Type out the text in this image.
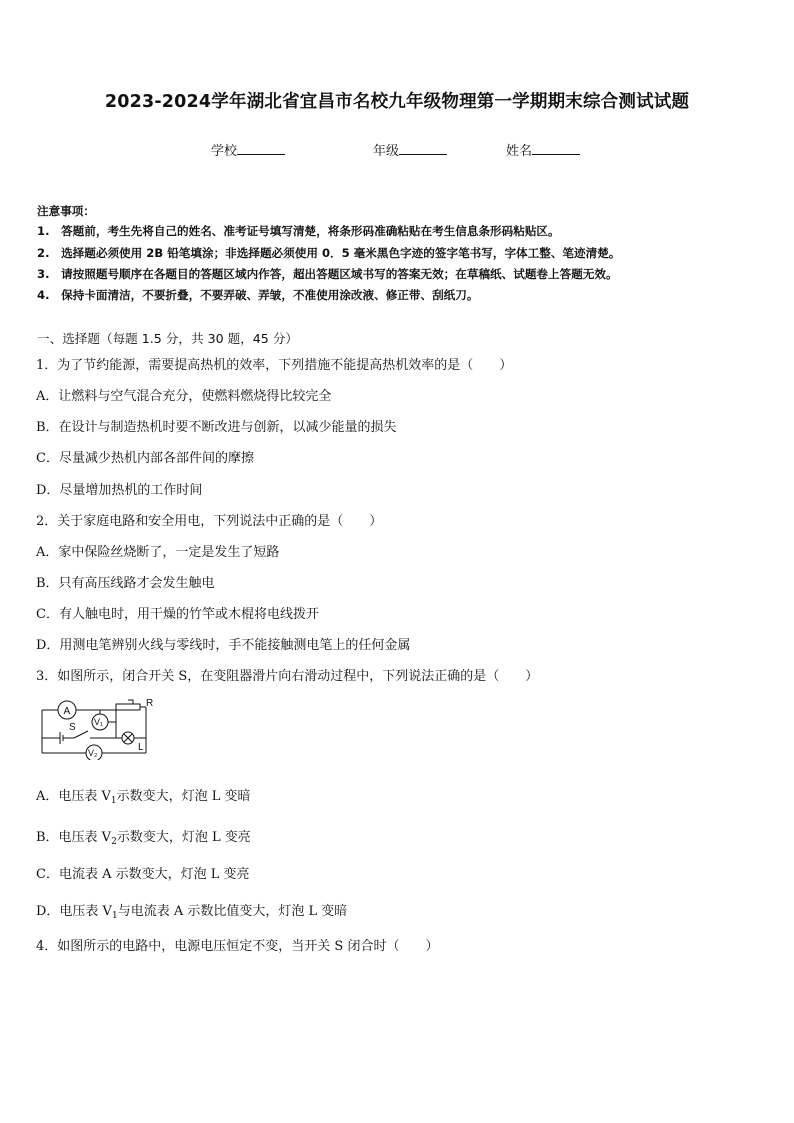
2023-2024学年湖北省宜昌市名校九年级物理第一学期期末综合测试试题
学校	年级	姓名
注意事项：
1.　答题前，考生先将自己的姓名、准考证号填写清楚，将条形码准确粘贴在考生信息条形码粘贴区。
2.　选择题必须使用 2B 铅笔填涂；非选择题必须使用 0．5 毫米黑色字迹的签字笔书写，字体工整、笔迹清楚。
3.　请按照题号顺序在各题目的答题区域内作答，超出答题区域书写的答案无效；在草稿纸、试题卷上答题无效。
4.　保持卡面清洁，不要折叠，不要弄破、弄皱，不准使用涂改液、修正带、刮纸刀。
一、选择题（每题 1.5 分，共 30 题，45 分）
1．为了节约能源，需要提高热机的效率，下列措施不能提高热机效率的是（　　）
A．让燃料与空气混合充分，使燃料燃烧得比较完全
B．在设计与制造热机时要不断改进与创新，以减少能量的损失
C．尽量减少热机内部各部件间的摩擦
D．尽量增加热机的工作时间
2．关于家庭电路和安全用电，下列说法中正确的是（　　）
A．家中保险丝烧断了，一定是发生了短路
B．只有高压线路才会发生触电
C．有人触电时，用干燥的竹竿或木棍将电线拨开
D．用测电笔辨别火线与零线时，手不能接触测电笔上的任何金属
3．如图所示，闭合开关 S，在变阻器滑片向右滑动过程中，下列说法正确的是（　　）
A
R
V₁
S
L
V₂
A．电压表 $V_1$示数变大，灯泡 L 变暗
B．电压表 $V_2$示数变大，灯泡 L 变亮
C．电流表 A 示数变大，灯泡 L 变亮
D．电压表 $V_1$与电流表 A 示数比值变大，灯泡 L 变暗
4．如图所示的电路中，电源电压恒定不变，当开关 S 闭合时（　　）
